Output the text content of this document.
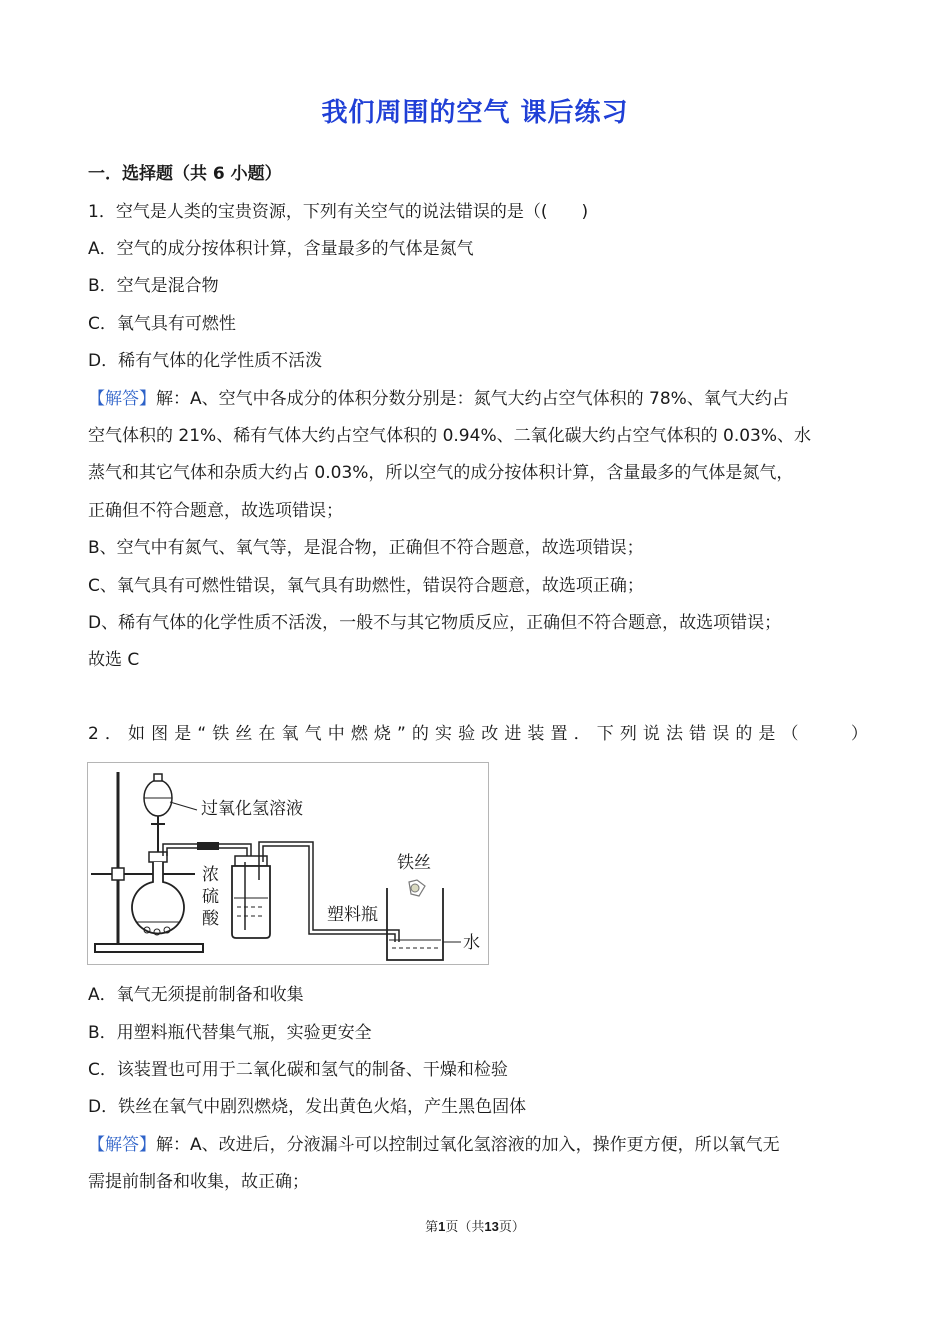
我们周围的空气 课后练习
一．选择题（共 6 小题）
1．空气是人类的宝贵资源，下列有关空气的说法错误的是（(　　)
A．空气的成分按体积计算，含量最多的气体是氮气
B．空气是混合物
C．氧气具有可燃性
D．稀有气体的化学性质不活泼
【解答】解：A、空气中各成分的体积分数分别是：氮气大约占空气体积的 78%、氧气大约占
空气体积的 21%、稀有气体大约占空气体积的 0.94%、二氧化碳大约占空气体积的 0.03%、水
蒸气和其它气体和杂质大约占 0.03%，所以空气的成分按体积计算，含量最多的气体是氮气，
正确但不符合题意，故选项错误；
B、空气中有氮气、氧气等，是混合物，正确但不符合题意，故选项错误；
C、氧气具有可燃性错误，氧气具有助燃性，错误符合题意，故选项正确；
D、稀有气体的化学性质不活泼，一般不与其它物质反应，正确但不符合题意，故选项错误；
故选 C
2．如图是“铁丝在氧气中燃烧”的实验改进装置．下列说法错误的是（　　）
过氧化氢溶液
浓
硫
酸
铁丝
塑料瓶
水
A．氧气无须提前制备和收集
B．用塑料瓶代替集气瓶，实验更安全
C．该装置也可用于二氧化碳和氢气的制备、干燥和检验
D．铁丝在氧气中剧烈燃烧，发出黄色火焰，产生黑色固体
【解答】解：A、改进后，分液漏斗可以控制过氧化氢溶液的加入，操作更方便，所以氧气无
需提前制备和收集，故正确；
第1页（共13页）
